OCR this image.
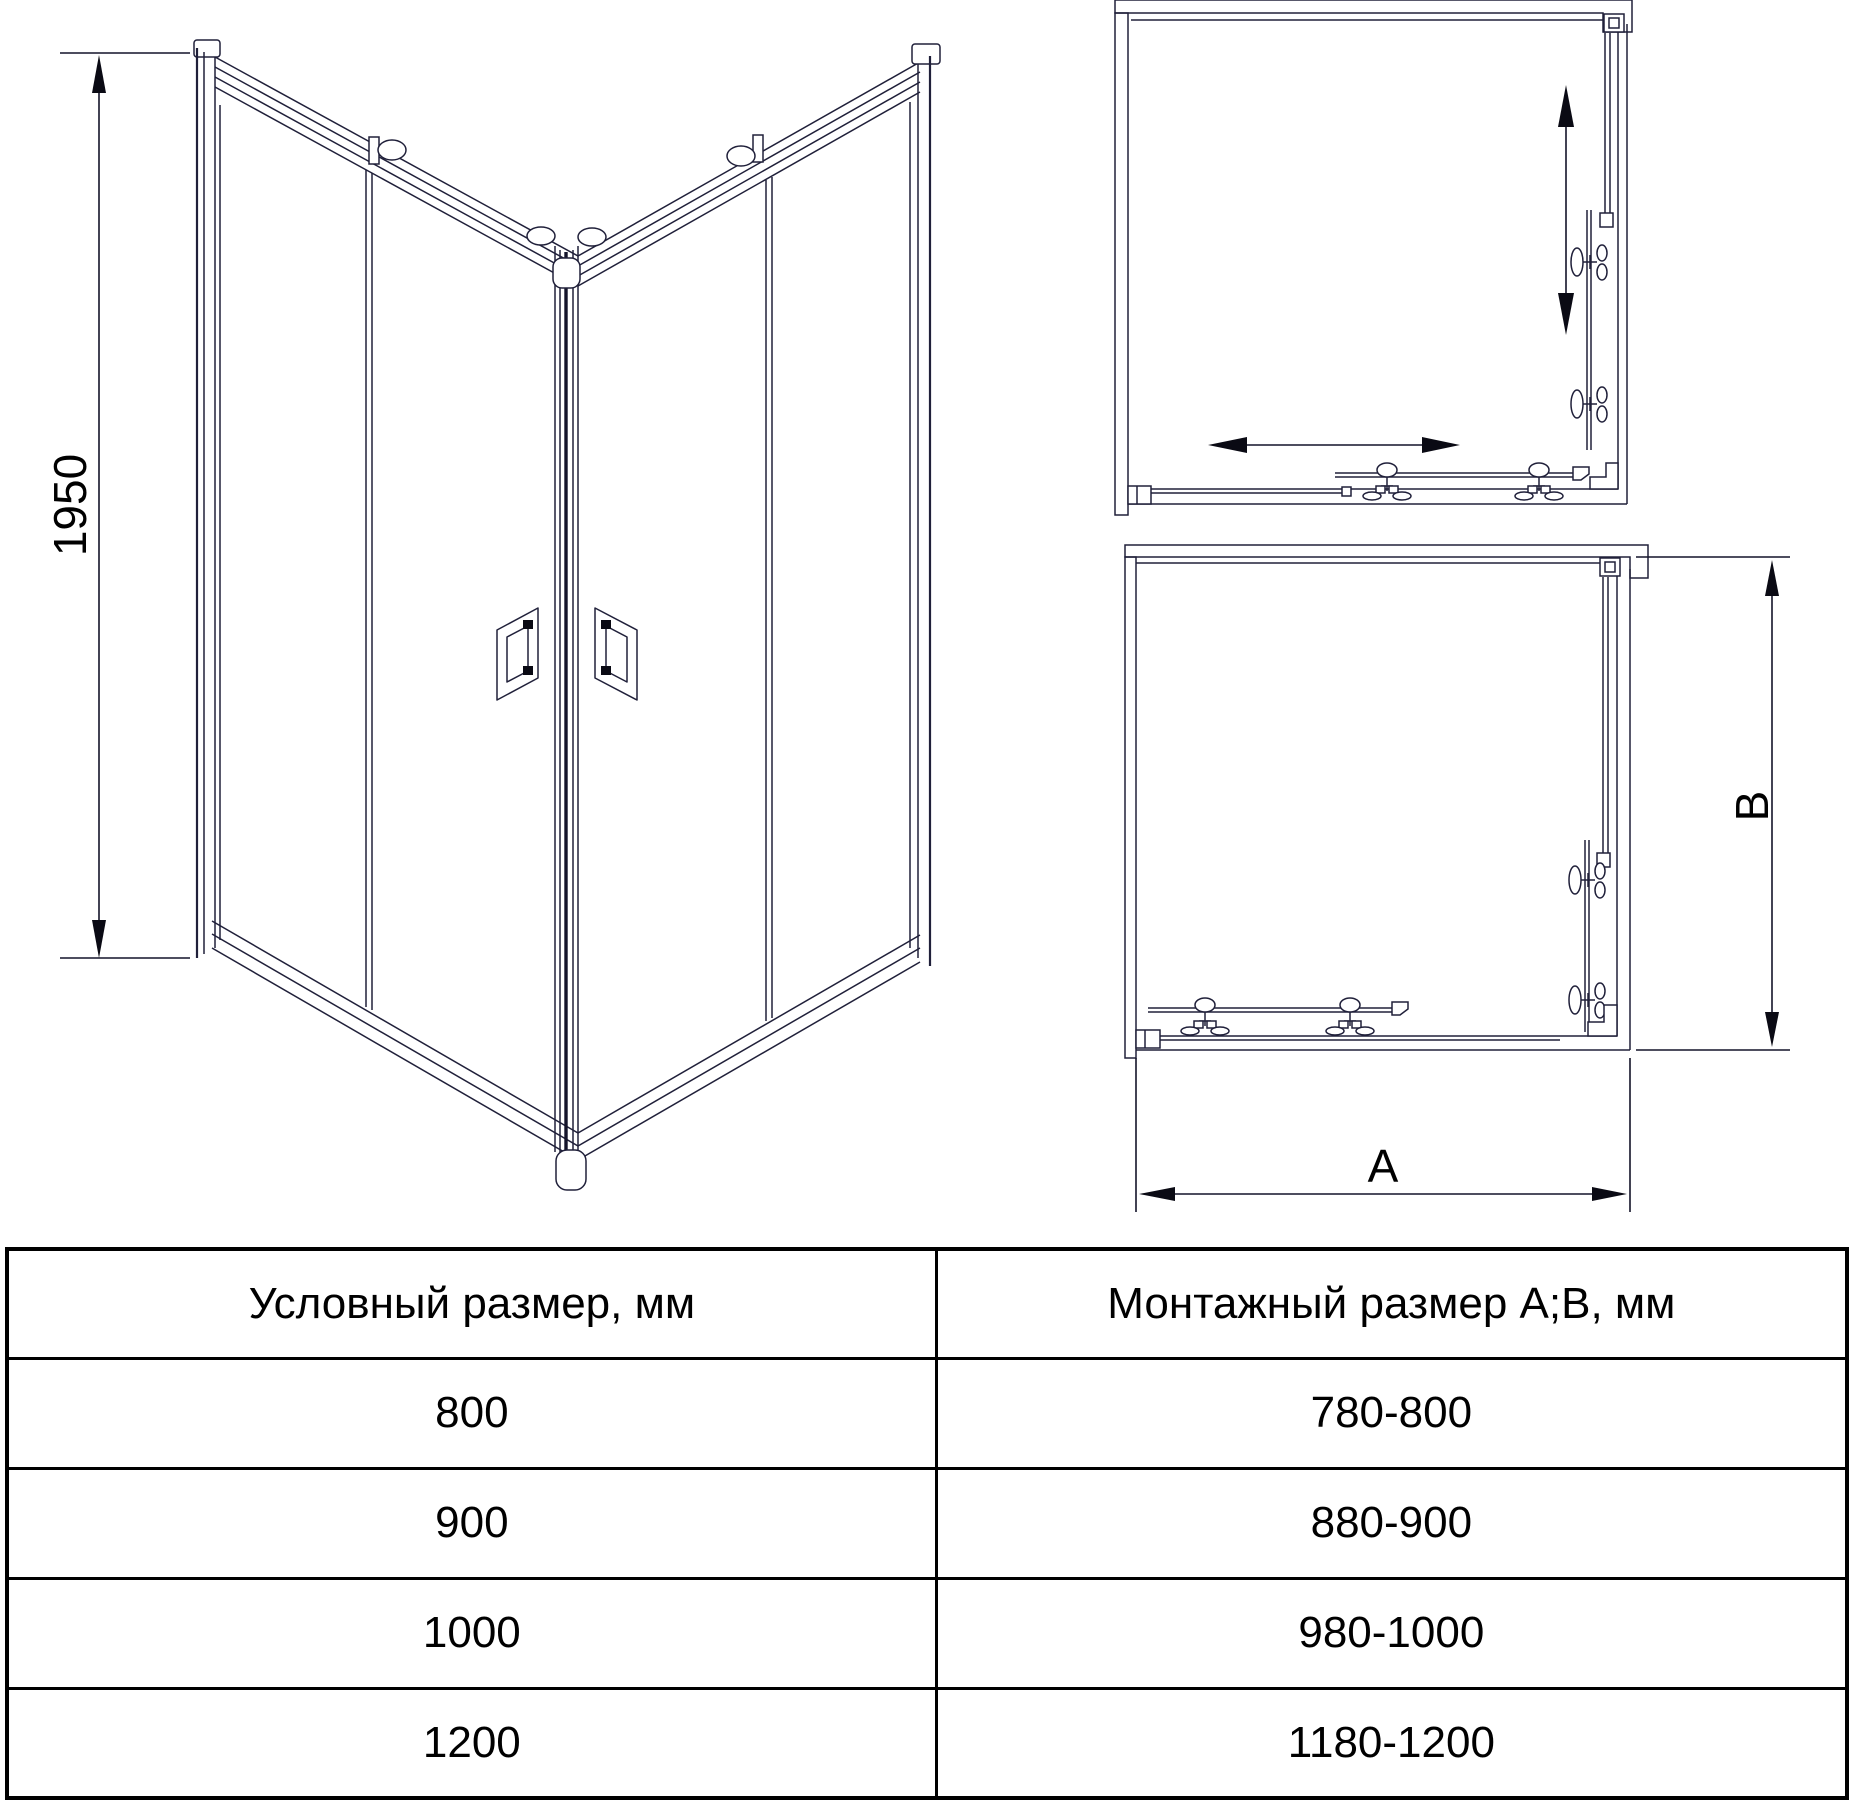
1950
B
A
Условный размер, мм	Монтажный размер А;B, мм
800	780-800
900	880-900
1000	980-1000
1200	1180-1200
